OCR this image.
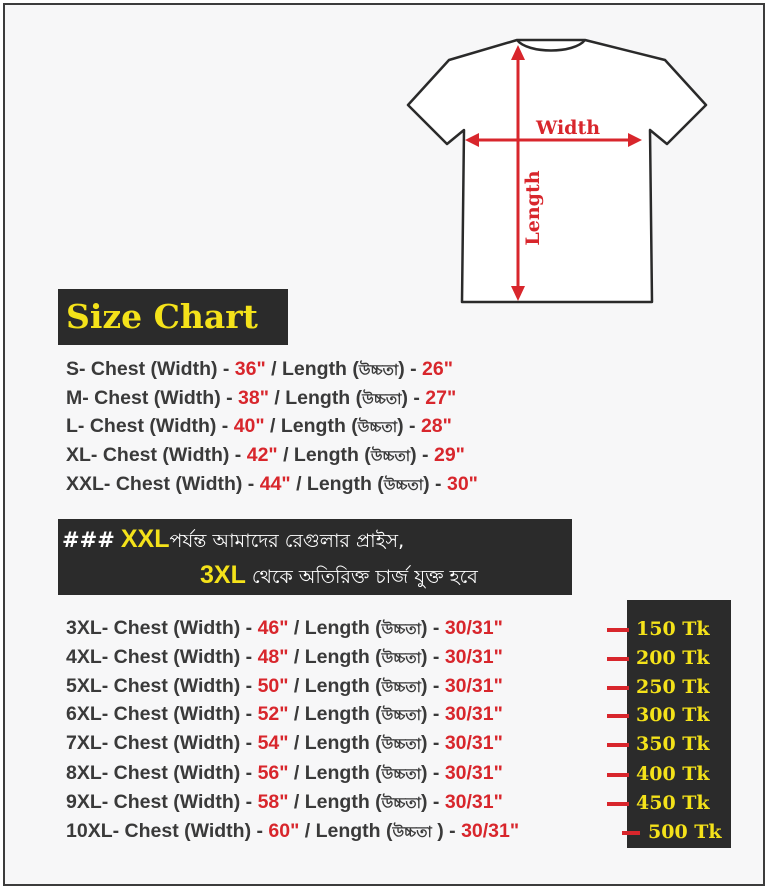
Width
Length
Size Chart
S- Chest (Width) - 36" / Length (উচ্চতা) - 26"
M- Chest (Width) - 38" / Length (উচ্চতা) - 27"
L- Chest (Width) - 40" / Length (উচ্চতা) - 28"
XL- Chest (Width) - 42" / Length (উচ্চতা) - 29"
XXL- Chest (Width) - 44" / Length (উচ্চতা) - 30"
### XXLপর্যন্ত আমাদের রেগুলার প্রাইস,
3XL থেকে অতিরিক্ত চার্জ যুক্ত হবে
3XL- Chest (Width) - 46" / Length (উচ্চতা) - 30/31"
4XL- Chest (Width) - 48" / Length (উচ্চতা) - 30/31"
5XL- Chest (Width) - 50" / Length (উচ্চতা) - 30/31"
6XL- Chest (Width) - 52" / Length (উচ্চতা) - 30/31"
7XL- Chest (Width) - 54" / Length (উচ্চতা) - 30/31"
8XL- Chest (Width) - 56" / Length (উচ্চতা) - 30/31"
9XL- Chest (Width) - 58" / Length (উচ্চতা) - 30/31"
10XL- Chest (Width) - 60" / Length (উচ্চতা ) - 30/31"
150 Tk
200 Tk
250 Tk
300 Tk
350 Tk
400 Tk
450 Tk
500 Tk
